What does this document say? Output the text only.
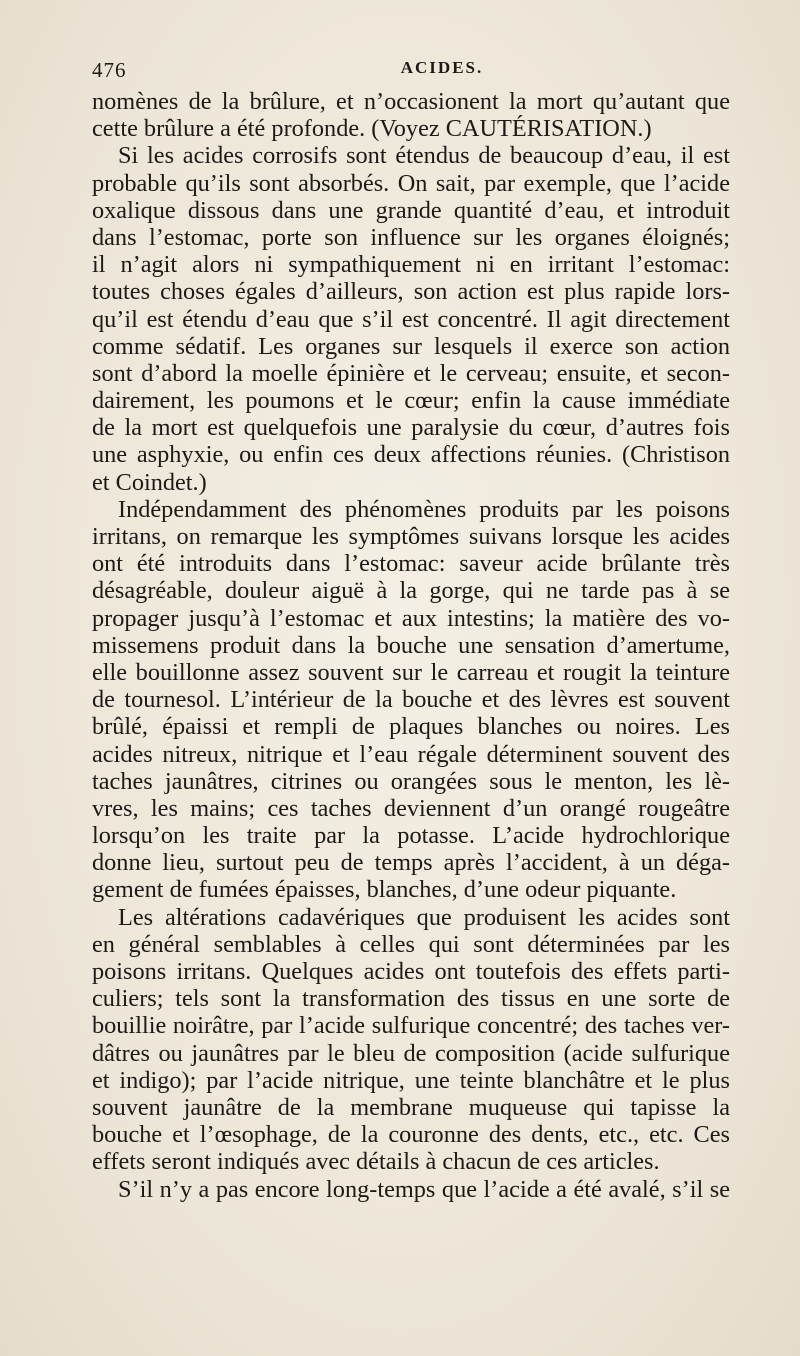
476	ACIDES.
nomènes de la brûlure, et n’occasionent la mort qu’autant que
cette brûlure a été profonde. (Voyez CAUTÉRISATION.)
Si les acides corrosifs sont étendus de beaucoup d’eau, il est
probable qu’ils sont absorbés. On sait, par exemple, que l’acide
oxalique dissous dans une grande quantité d’eau, et introduit
dans l’estomac, porte son influence sur les organes éloignés;
il n’agit alors ni sympathiquement ni en irritant l’estomac:
toutes choses égales d’ailleurs, son action est plus rapide lors-
qu’il est étendu d’eau que s’il est concentré. Il agit directement
comme sédatif. Les organes sur lesquels il exerce son action
sont d’abord la moelle épinière et le cerveau; ensuite, et secon-
dairement, les poumons et le cœur; enfin la cause immédiate
de la mort est quelquefois une paralysie du cœur, d’autres fois
une asphyxie, ou enfin ces deux affections réunies. (Christison
et Coindet.)
Indépendamment des phénomènes produits par les poisons
irritans, on remarque les symptômes suivans lorsque les acides
ont été introduits dans l’estomac: saveur acide brûlante très
désagréable, douleur aiguë à la gorge, qui ne tarde pas à se
propager jusqu’à l’estomac et aux intestins; la matière des vo-
missemens produit dans la bouche une sensation d’amertume,
elle bouillonne assez souvent sur le carreau et rougit la teinture
de tournesol. L’intérieur de la bouche et des lèvres est souvent
brûlé, épaissi et rempli de plaques blanches ou noires. Les
acides nitreux, nitrique et l’eau régale déterminent souvent des
taches jaunâtres, citrines ou orangées sous le menton, les lè-
vres, les mains; ces taches deviennent d’un orangé rougeâtre
lorsqu’on les traite par la potasse. L’acide hydrochlorique
donne lieu, surtout peu de temps après l’accident, à un déga-
gement de fumées épaisses, blanches, d’une odeur piquante.
Les altérations cadavériques que produisent les acides sont
en général semblables à celles qui sont déterminées par les
poisons irritans. Quelques acides ont toutefois des effets parti-
culiers; tels sont la transformation des tissus en une sorte de
bouillie noirâtre, par l’acide sulfurique concentré; des taches ver-
dâtres ou jaunâtres par le bleu de composition (acide sulfurique
et indigo); par l’acide nitrique, une teinte blanchâtre et le plus
souvent jaunâtre de la membrane muqueuse qui tapisse la
bouche et l’œsophage, de la couronne des dents, etc., etc. Ces
effets seront indiqués avec détails à chacun de ces articles.
S’il n’y a pas encore long-temps que l’acide a été avalé, s’il se
